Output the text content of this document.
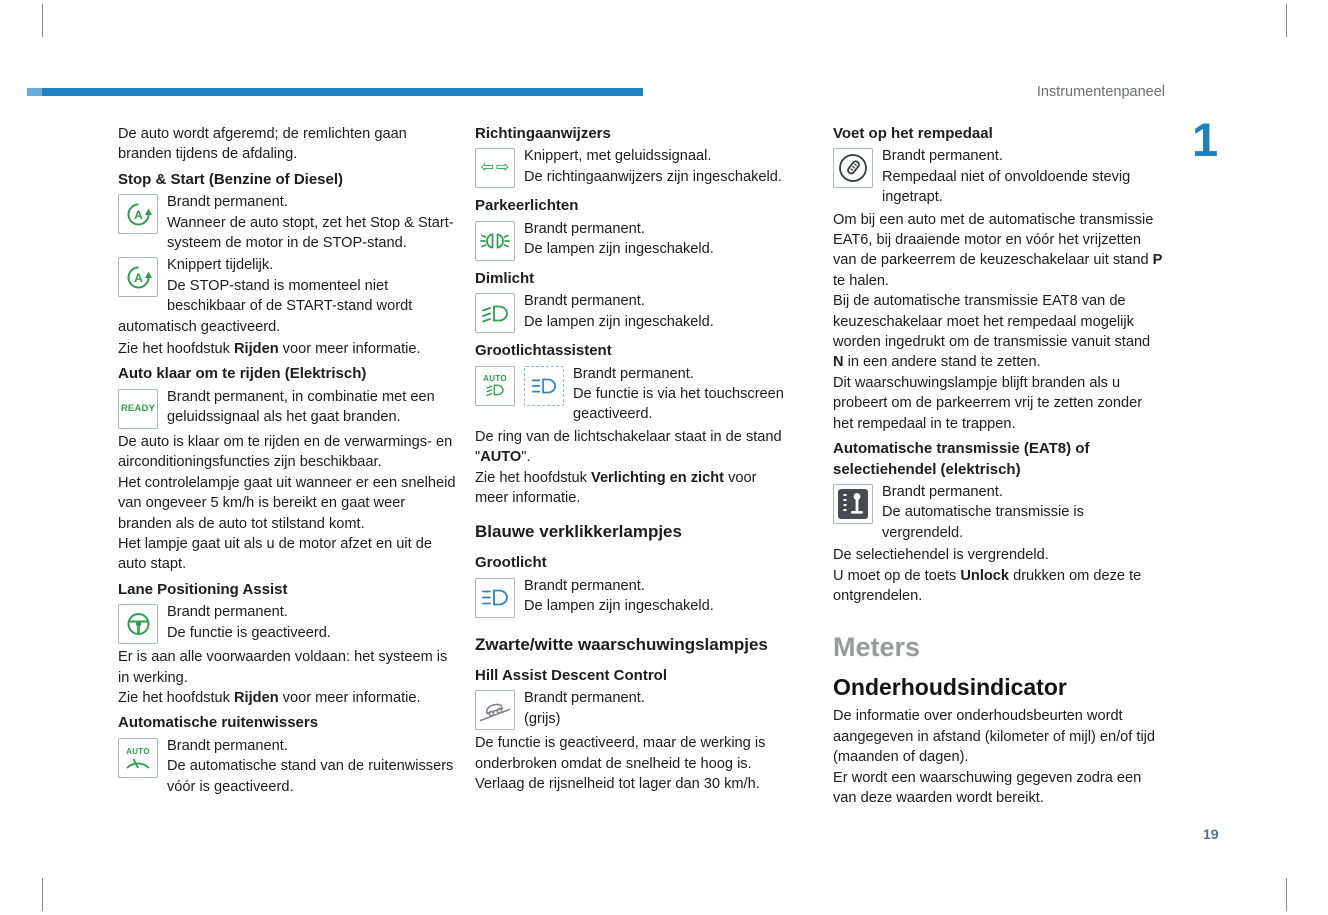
Instrumentenpaneel
1
19

De auto wordt afgeremd; de remlichten gaan branden tijdens de afdaling.

Stop & Start (Benzine of Diesel)
A
Brandt permanent.
Wanneer de auto stopt, zet het Stop & Start-systeem de motor in de STOP-stand.
A
Knippert tijdelijk.
De STOP-stand is momenteel niet beschikbaar of de START-stand wordt automatisch geactiveerd.

Zie het hoofdstuk Rijden voor meer informatie.

Auto klaar om te rijden (Elektrisch)
READY
Brandt permanent, in combinatie met een geluidssignaal als het gaat branden.

De auto is klaar om te rijden en de verwarmings- en airconditioningsfuncties zijn beschikbaar.

Het controlelampje gaat uit wanneer er een snelheid van ongeveer 5 km/h is bereikt en gaat weer branden als de auto tot stilstand komt.

Het lampje gaat uit als u de motor afzet en uit de auto stapt.

Lane Positioning Assist
Brandt permanent.
De functie is geactiveerd.

Er is aan alle voorwaarden voldaan: het systeem is in werking.

Zie het hoofdstuk Rijden voor meer informatie.

Automatische ruitenwissers
AUTO Brandt permanent.
De automatische stand van de ruitenwissers vóór is geactiveerd.
Richtingaanwijzers
⇦⇨
Knippert, met geluidssignaal.
De richtingaanwijzers zijn ingeschakeld.
Parkeerlichten
Brandt permanent.
De lampen zijn ingeschakeld.
Dimlicht
Brandt permanent.
De lampen zijn ingeschakeld.
Grootlichtassistent
AUTO	Brandt permanent.
De functie is via het touchscreen geactiveerd.

De ring van de lichtschakelaar staat in de stand "AUTO".

Zie het hoofdstuk Verlichting en zicht voor meer informatie.

Blauwe verklikkerlampjes
Grootlicht
Brandt permanent.
De lampen zijn ingeschakeld.
Zwarte/witte waarschuwingslampjes
Hill Assist Descent Control
Brandt permanent.
(grijs)

De functie is geactiveerd, maar de werking is onderbroken omdat de snelheid te hoog is.

Verlaag de rijsnelheid tot lager dan 30 km/h.

Voet op het rempedaal
Brandt permanent.
Rempedaal niet of onvoldoende stevig ingetrapt.

Om bij een auto met de automatische transmissie EAT6, bij draaiende motor en vóór het vrijzetten van de parkeerrem de keuzeschakelaar uit stand P te halen.

Bij de automatische transmissie EAT8 van de keuzeschakelaar moet het rempedaal mogelijk worden ingedrukt om de transmissie vanuit stand N in een andere stand te zetten.

Dit waarschuwingslampje blijft branden als u probeert om de parkeerrem vrij te zetten zonder het rempedaal in te trappen.

Automatische transmissie (EAT8) of selectiehendel (elektrisch)
Brandt permanent.
De automatische transmissie is vergrendeld.

De selectiehendel is vergrendeld.

U moet op de toets Unlock drukken om deze te ontgrendelen.

Meters
Onderhoudsindicator

De informatie over onderhoudsbeurten wordt aangegeven in afstand (kilometer of mijl) en/of tijd (maanden of dagen).

Er wordt een waarschuwing gegeven zodra een van deze waarden wordt bereikt.
